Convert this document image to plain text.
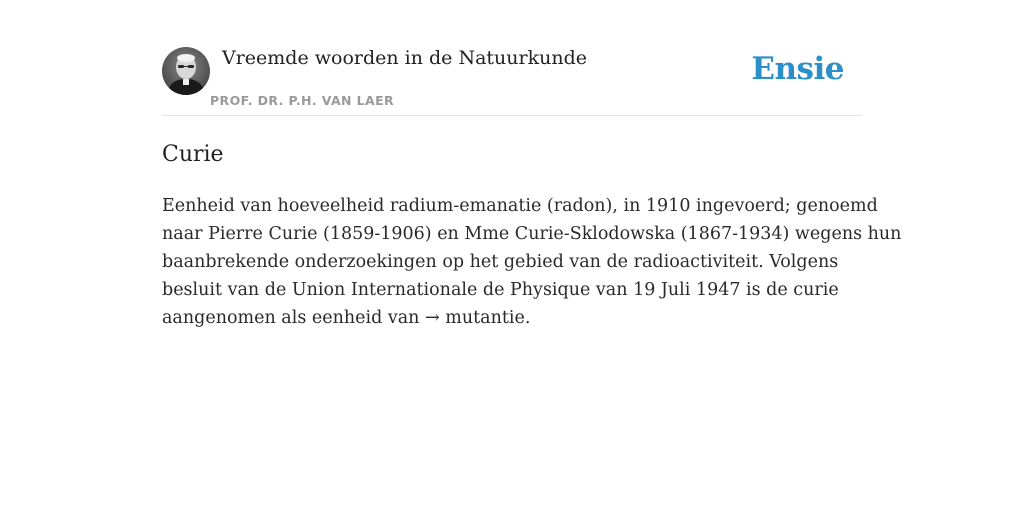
Vreemde woorden in de Natuurkunde
PROF. DR. P.H. VAN LAER
Ensie
Curie

Eenheid van hoeveelheid radium-emanatie (radon), in 1910 ingevoerd; genoemd
naar Pierre Curie (1859-1906) en Mme Curie-Sklodowska (1867-1934) wegens hun
baanbrekende onderzoekingen op het gebied van de radioactiviteit. Volgens
besluit van de Union Internationale de Physique van 19 Juli 1947 is de curie
aangenomen als eenheid van → mutantie.
